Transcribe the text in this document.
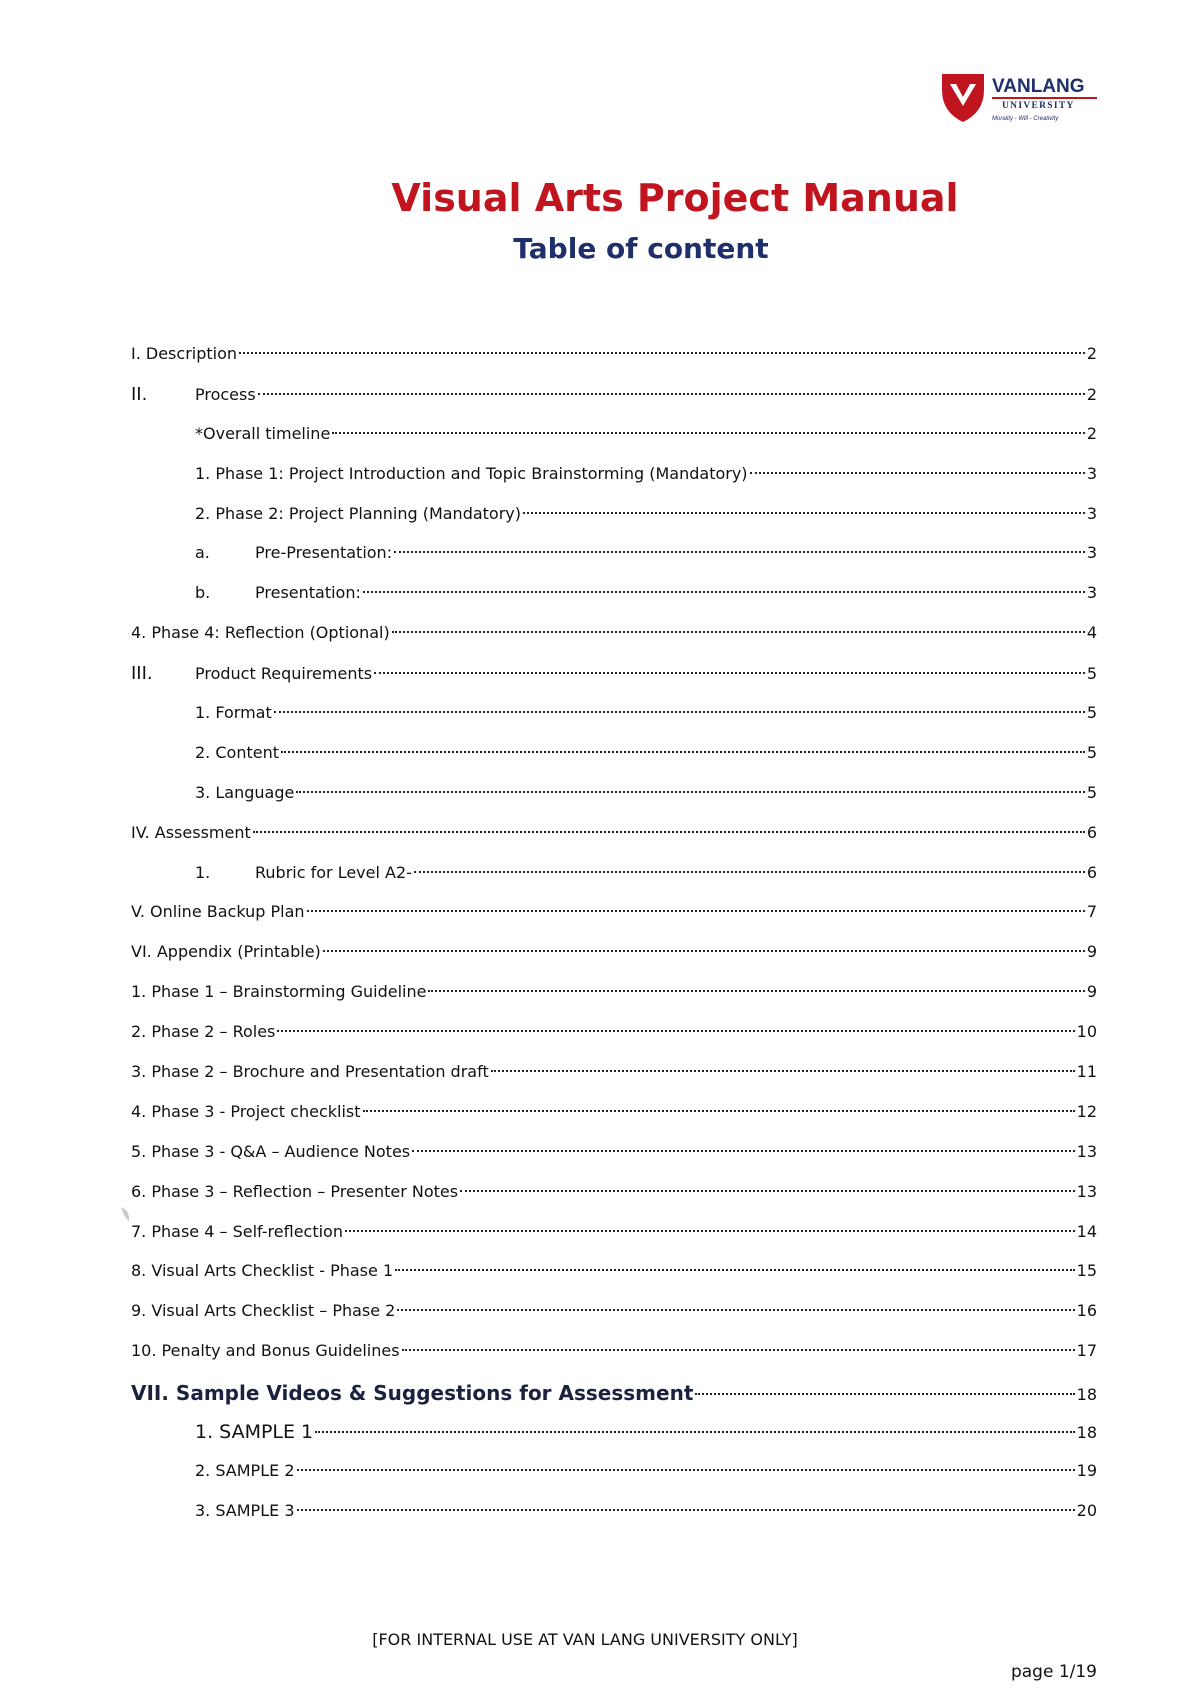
VANLANG
UNIVERSITY
Morality - Will - Creativity
Visual Arts Project Manual
Table of content
I. Description	2
II.	Process	2
*Overall timeline	2
1. Phase 1: Project Introduction and Topic Brainstorming (Mandatory)	3
2. Phase 2: Project Planning (Mandatory)	3
a.	Pre-Presentation:	3
b.	Presentation:	3
4. Phase 4: Reflection (Optional)	4
III.	Product Requirements	5
1. Format	5
2. Content	5
3. Language	5
IV. Assessment	6
1.	Rubric for Level A2-	6
V. Online Backup Plan	7
VI. Appendix (Printable)	9
1. Phase 1 – Brainstorming Guideline	9
2. Phase 2 – Roles	10
3. Phase 2 – Brochure and Presentation draft	11
4. Phase 3 - Project checklist	12
5. Phase 3 - Q&A – Audience Notes	13
6. Phase 3 – Reflection – Presenter Notes	13
7. Phase 4 – Self-reflection	14
8. Visual Arts Checklist - Phase 1	15
9. Visual Arts Checklist – Phase 2	16
10. Penalty and Bonus Guidelines	17
VII. Sample Videos & Suggestions for Assessment	18
1. SAMPLE 1	18
2. SAMPLE 2	19
3. SAMPLE 3	20
[FOR INTERNAL USE AT VAN LANG UNIVERSITY ONLY]
page 1/19
